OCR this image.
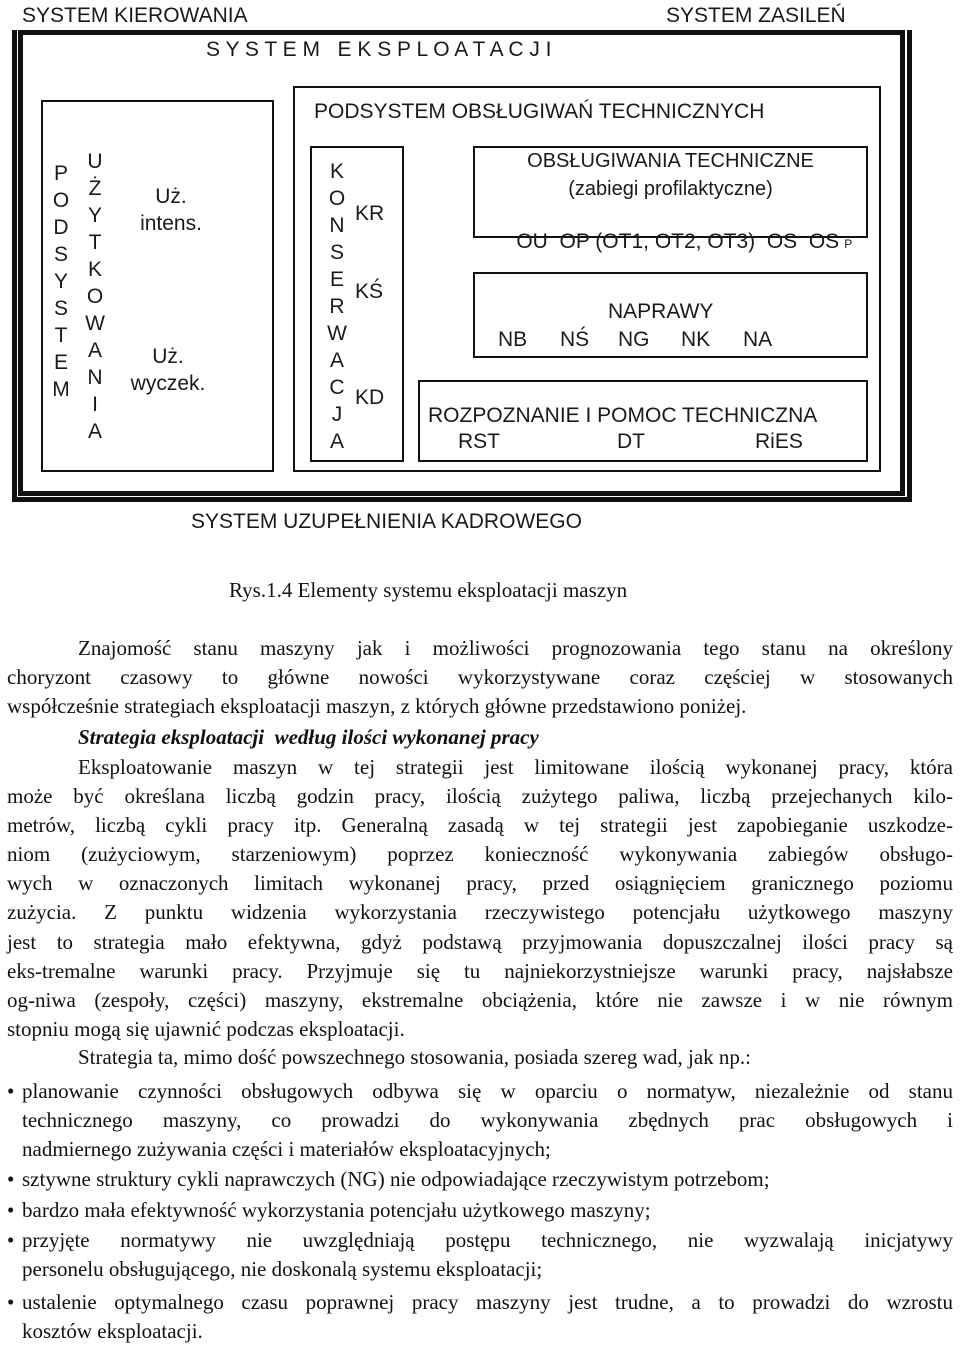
SYSTEM KIEROWANIA	SYSTEM ZASILEŃ
S Y S T E M   E K S P L O A T A C J I
P
O
D
S
Y
S
T
E
M
U
Ż
Y
T
K
O
W
A
N
I
A
Uż.
intens.
Uż.
wyczek.
PODSYSTEM OBSŁUGIWAŃ TECHNICZNYCH
K
O
N
S
E
R
W
A
C
J
A
KR
KŚ
KD
OBSŁUGIWANIA TECHNICZNE
(zabiegi profilaktyczne)

OU  OP (OT1, OT2, OT3)  OS  OS P

NAPRAWY
NB NŚ NG NK NA
ROZPOZNANIE I POMOC TECHNICZNA
RST	DT	RiES
SYSTEM UZUPEŁNIENIA KADROWEGO
Rys.1.4 Elementy systemu eksploatacji maszyn
Znajomość stanu maszyny jak i możliwości prognozowania tego stanu na określony
choryzont czasowy to główne nowości wykorzystywane coraz częściej w stosowanych
współcześnie strategiach eksploatacji maszyn, z których główne przedstawiono poniżej.
Strategia eksploatacji  według ilości wykonanej pracy
Eksploatowanie maszyn w tej strategii jest limitowane ilością wykonanej pracy, która
może być określana liczbą godzin pracy, ilością zużytego paliwa, liczbą przejechanych kilo-
metrów, liczbą cykli pracy itp. Generalną zasadą w tej strategii jest zapobieganie uszkodze-
niom (zużyciowym, starzeniowym) poprzez konieczność wykonywania zabiegów obsługo-
wych w oznaczonych limitach wykonanej pracy, przed osiągnięciem granicznego poziomu
zużycia. Z punktu widzenia wykorzystania rzeczywistego potencjału użytkowego maszyny
jest to strategia mało efektywna, gdyż podstawą przyjmowania dopuszczalnej ilości pracy są
eks-tremalne warunki pracy. Przyjmuje się tu najniekorzystniejsze warunki pracy, najsłabsze
og-niwa (zespoły, części) maszyny, ekstremalne obciążenia, które nie zawsze i w nie równym
stopniu mogą się ujawnić podczas eksploatacji.
Strategia ta, mimo dość powszechnego stosowania, posiada szereg wad, jak np.:
• planowanie czynności obsługowych odbywa się w oparciu o normatyw, niezależnie od stanu
technicznego maszyny, co prowadzi do wykonywania zbędnych prac obsługowych i
nadmiernego zużywania części i materiałów eksploatacyjnych;
• sztywne struktury cykli naprawczych (NG) nie odpowiadające rzeczywistym potrzebom;
• bardzo mała efektywność wykorzystania potencjału użytkowego maszyny;
• przyjęte normatywy nie uwzględniają postępu technicznego, nie wyzwalają inicjatywy
personelu obsługującego, nie doskonalą systemu eksploatacji;
• ustalenie optymalnego czasu poprawnej pracy maszyny jest trudne, a to prowadzi do wzrostu
kosztów eksploatacji.
